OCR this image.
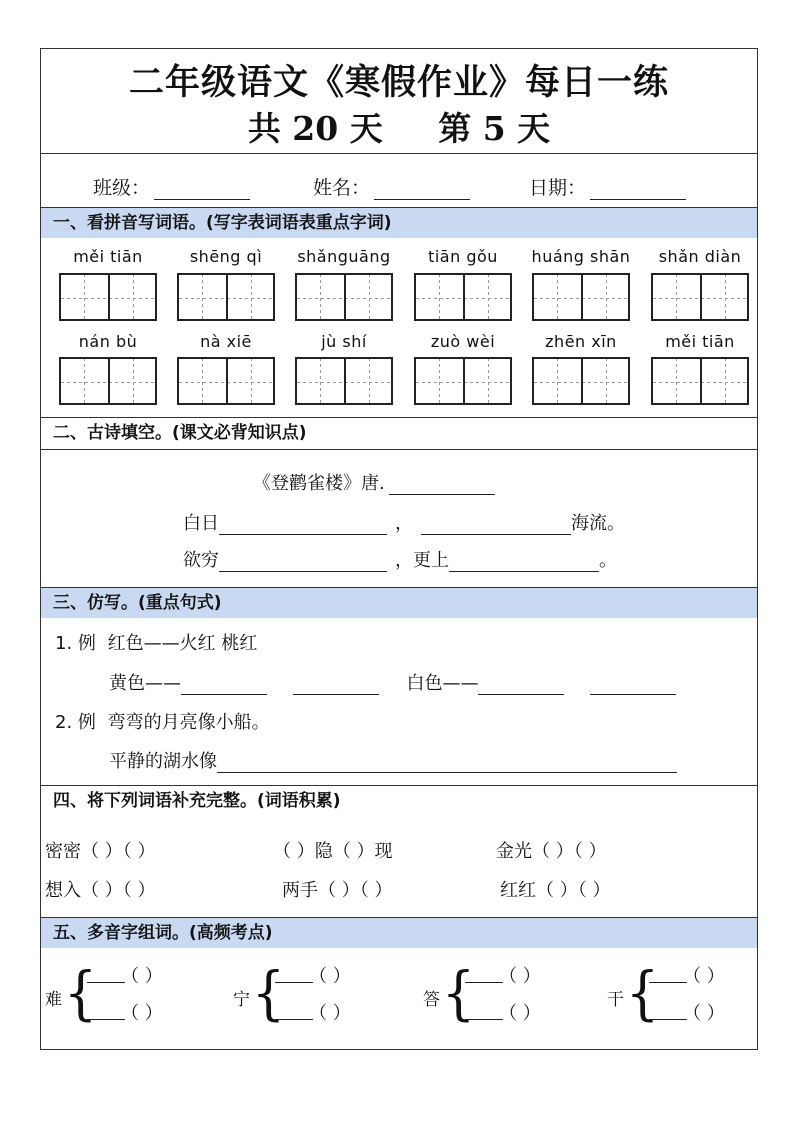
二年级语文《寒假作业》每日一练
共 20 天 第 5 天
班级：	姓名：	日期：
一、看拼音写词语。(写字表词语表重点字词)
měi tiān	shēng qì	shǎnguāng	tiān gǒu	huáng shān	shǎn diàn
nán bù	nà xiē	jù shí	zuò wèi	zhēn xīn	měi tiān
二、古诗填空。(课文必背知识点)
《登鹳雀楼》唐.
白日	，	海流。
欲穷	，更上	。
三、仿写。(重点句式)
1. 例 红色——火红 桃红
黄色——	白色——
2. 例 弯弯的月亮像小船。
平静的湖水像
四、将下列词语补充完整。(词语积累)
密密（ ）（ ）	（ ）隐（ ）现	金光（ ）（ ）
想入（ ）（ ）	两手（ ）（ ）	红红（ ）（ ）
五、多音字组词。(高频考点)
难 { （ ）
（ ）
宁 { （ ）
（ ）
答 { （ ）
（ ）
干 { （ ）
（ ）
